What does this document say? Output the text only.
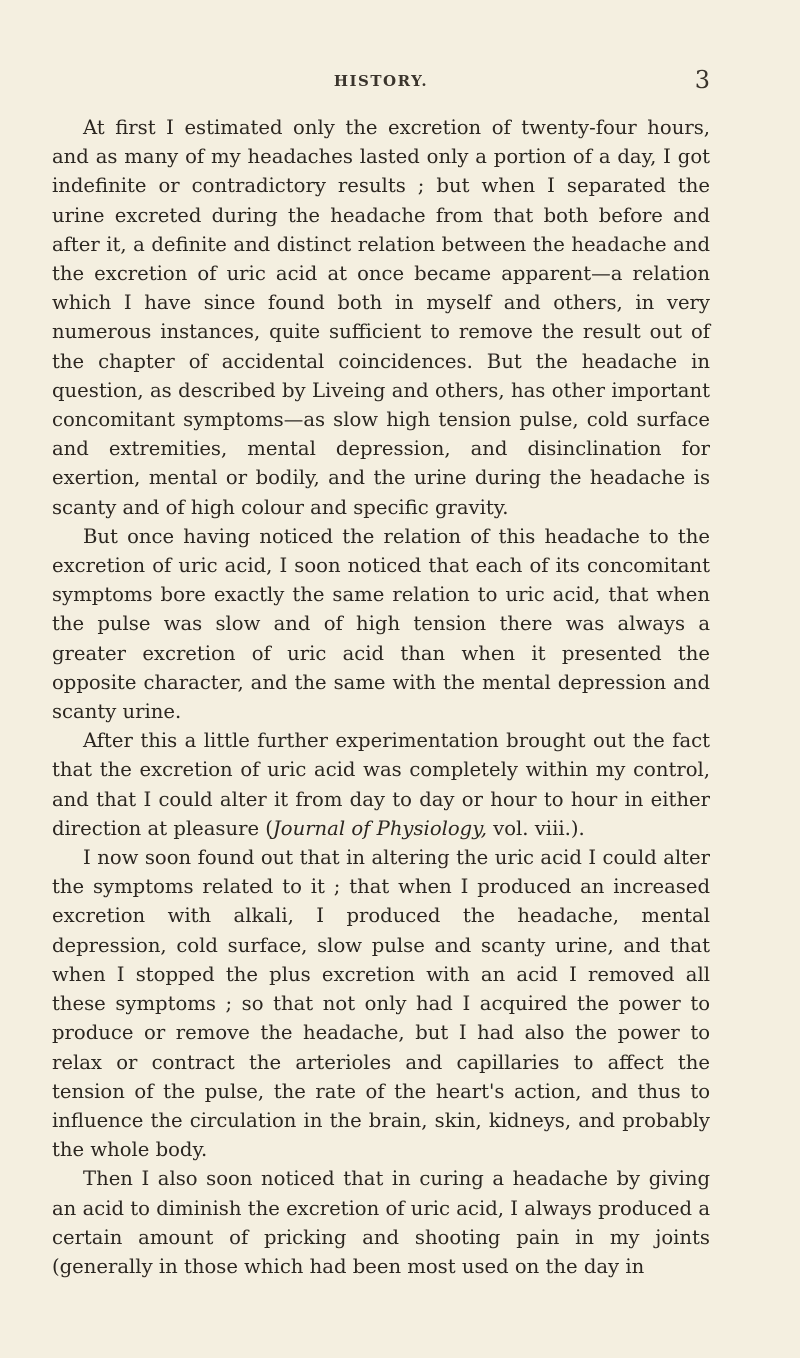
HISTORY.	3

At first I estimated only the excretion of twenty-four hours, and as many of my headaches lasted only a portion of a day, I got indefinite or contradictory results ; but when I separated the urine excreted during the headache from that both before and after it, a definite and distinct relation between the headache and the excretion of uric acid at once became apparent—a relation which I have since found both in myself and others, in very numerous instances, quite sufficient to remove the result out of the chapter of accidental coincidences. But the headache in question, as described by Liveing and others, has other important concomitant symptoms—as slow high tension pulse, cold surface and extremities, mental depression, and disinclination for exertion, mental or bodily, and the urine during the headache is scanty and of high colour and specific gravity.

But once having noticed the relation of this headache to the excretion of uric acid, I soon noticed that each of its concomitant symptoms bore exactly the same relation to uric acid, that when the pulse was slow and of high tension there was always a greater excretion of uric acid than when it presented the opposite character, and the same with the mental depression and scanty urine.

After this a little further experimentation brought out the fact that the excretion of uric acid was completely within my control, and that I could alter it from day to day or hour to hour in either direction at pleasure (Journal of Physiology, vol. viii.).

I now soon found out that in altering the uric acid I could alter the symptoms related to it ; that when I produced an increased excretion with alkali, I produced the headache, mental depression, cold surface, slow pulse and scanty urine, and that when I stopped the plus excretion with an acid I removed all these symptoms ; so that not only had I acquired the power to produce or remove the headache, but I had also the power to relax or contract the arterioles and capillaries to affect the tension of the pulse, the rate of the heart's action, and thus to influence the circulation in the brain, skin, kidneys, and probably the whole body.

Then I also soon noticed that in curing a headache by giving an acid to diminish the excretion of uric acid, I always produced a certain amount of pricking and shooting pain in my joints (generally in those which had been most used on the day in
